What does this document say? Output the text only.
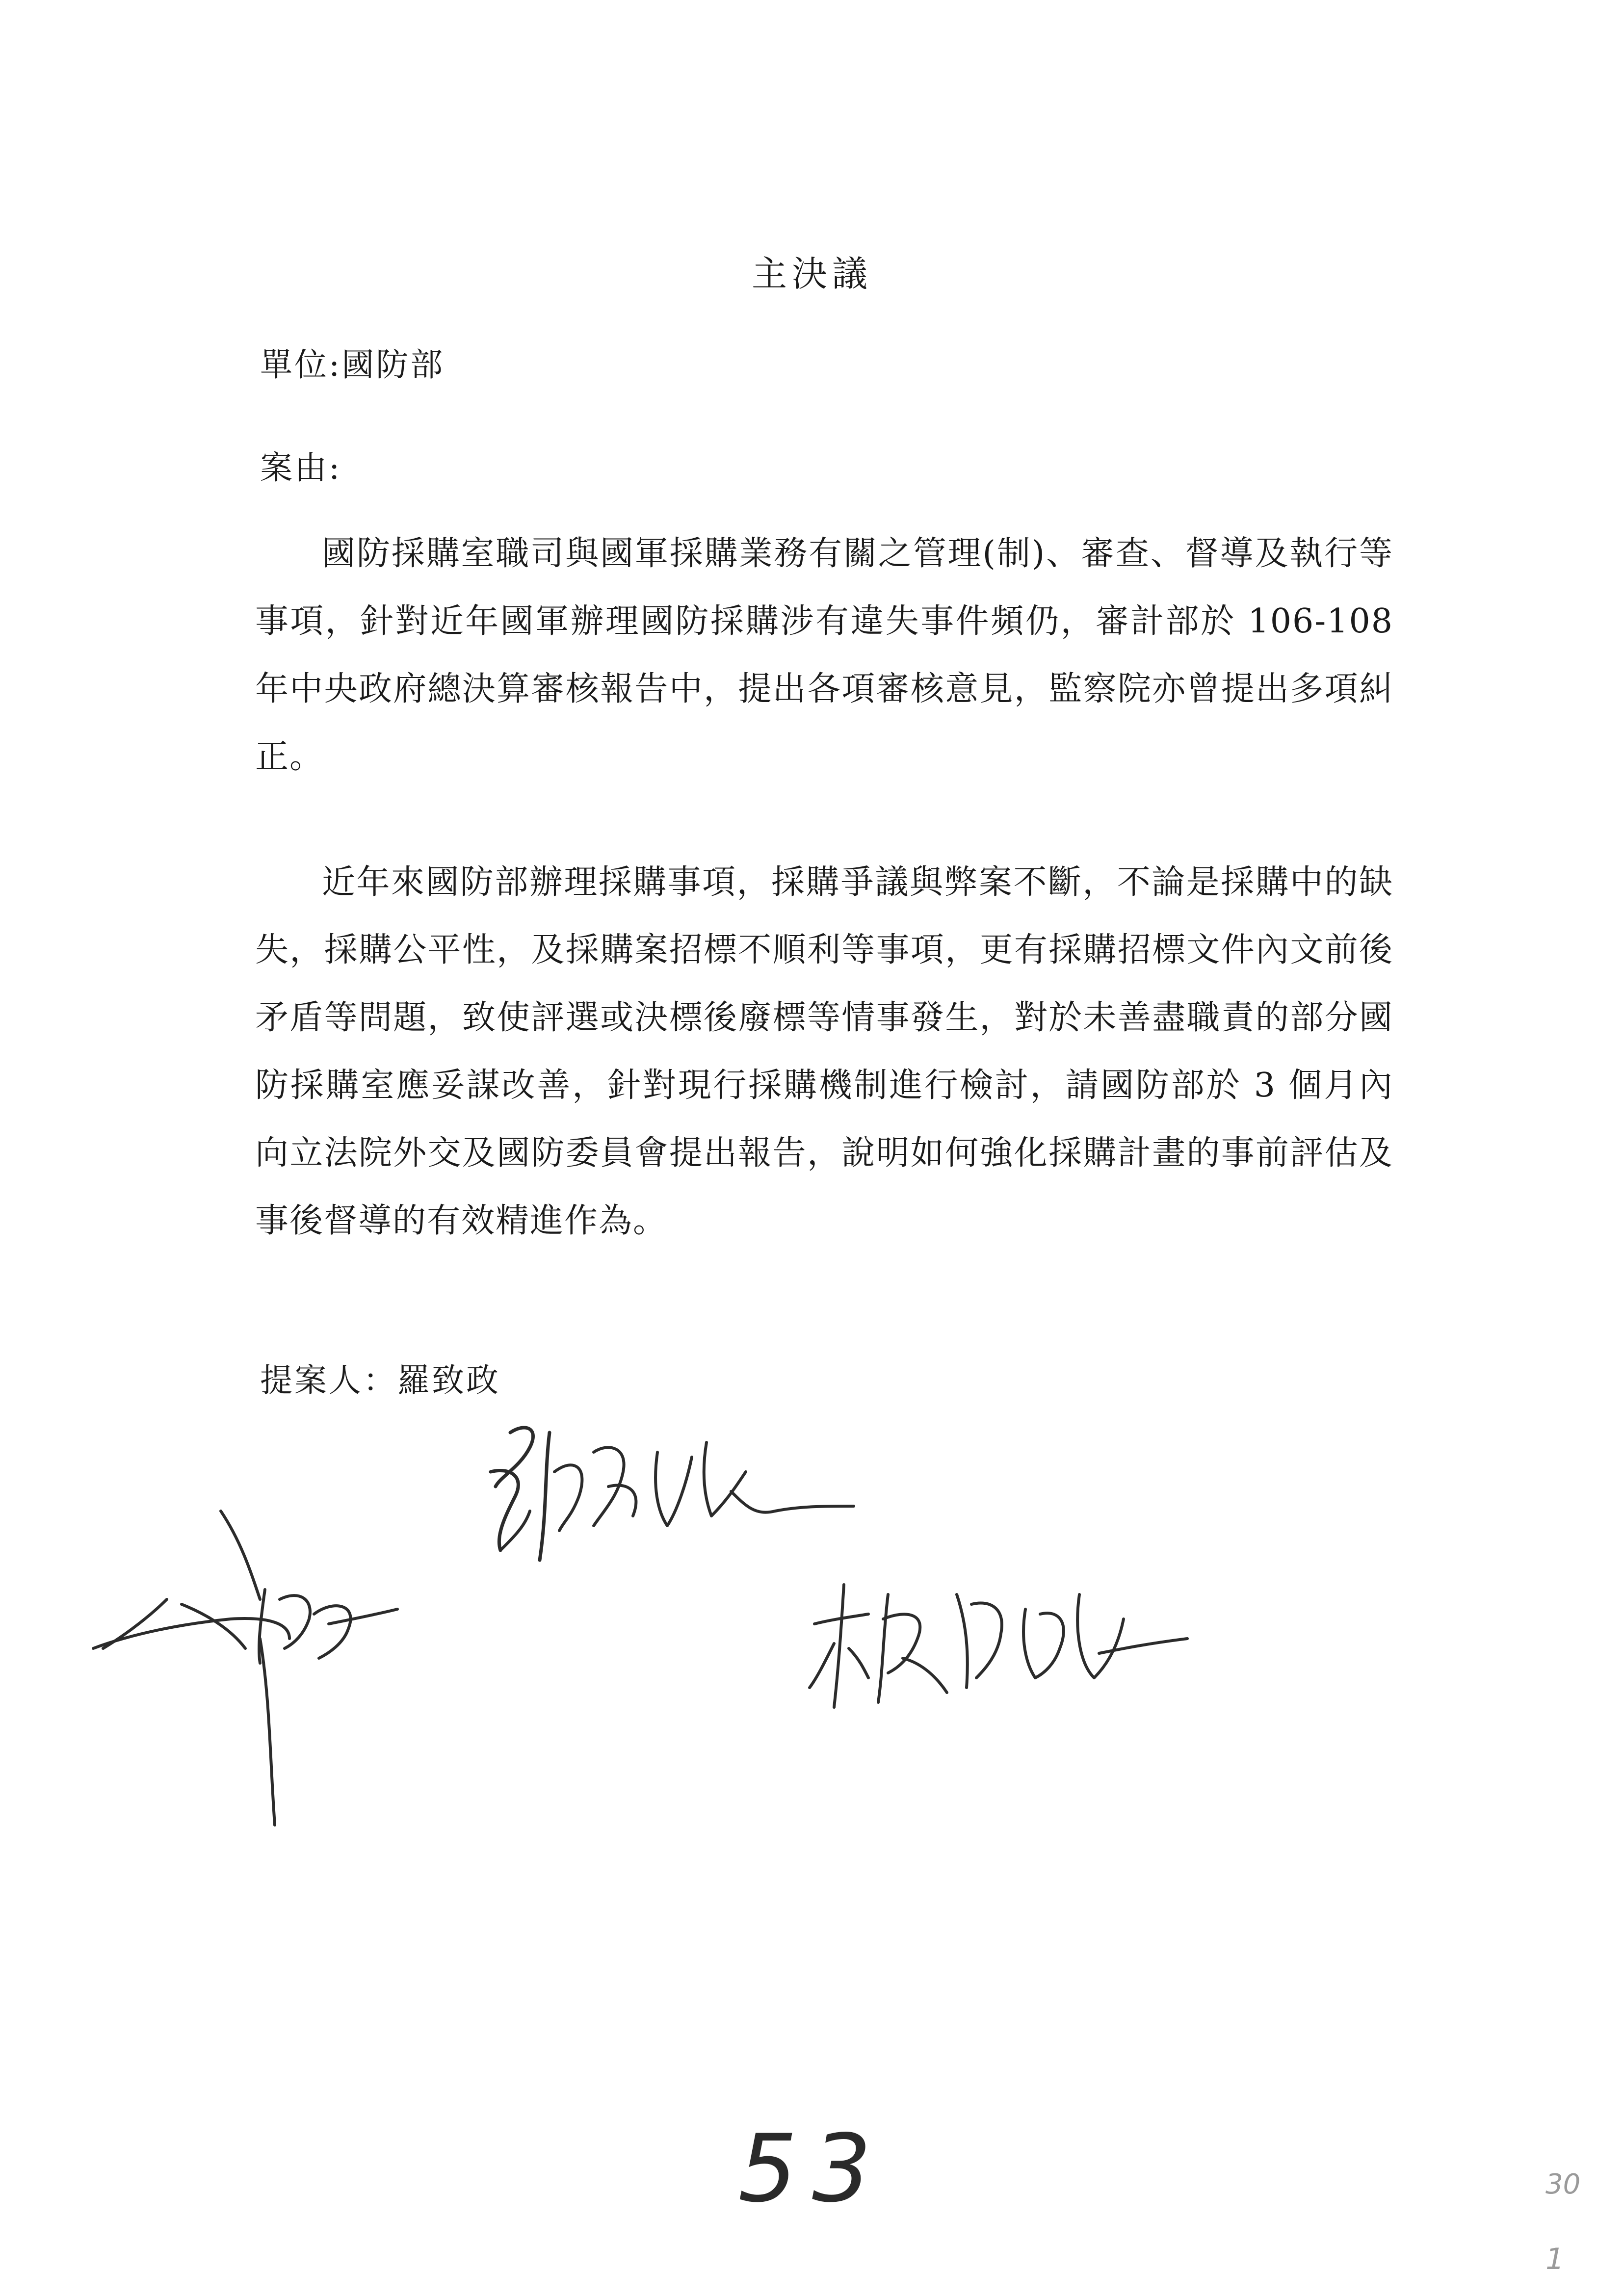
主決議
單位:國防部
案由:
國防採購室職司與國軍採購業務有關之管理(制)、審查、督導及執行等事項，針對近年國軍辦理國防採購涉有違失事件頻仍，審計部於 106-108 年中央政府總決算審核報告中，提出各項審核意見，監察院亦曾提出多項糾正。
近年來國防部辦理採購事項，採購爭議與弊案不斷，不論是採購中的缺失，採購公平性，及採購案招標不順利等事項，更有採購招標文件內文前後矛盾等問題，致使評選或決標後廢標等情事發生，對於未善盡職責的部分國防採購室應妥謀改善，針對現行採購機制進行檢討，請國防部於 3 個月內向立法院外交及國防委員會提出報告，說明如何強化採購計畫的事前評估及事後督導的有效精進作為。
提案人：羅致政
53	30
1
